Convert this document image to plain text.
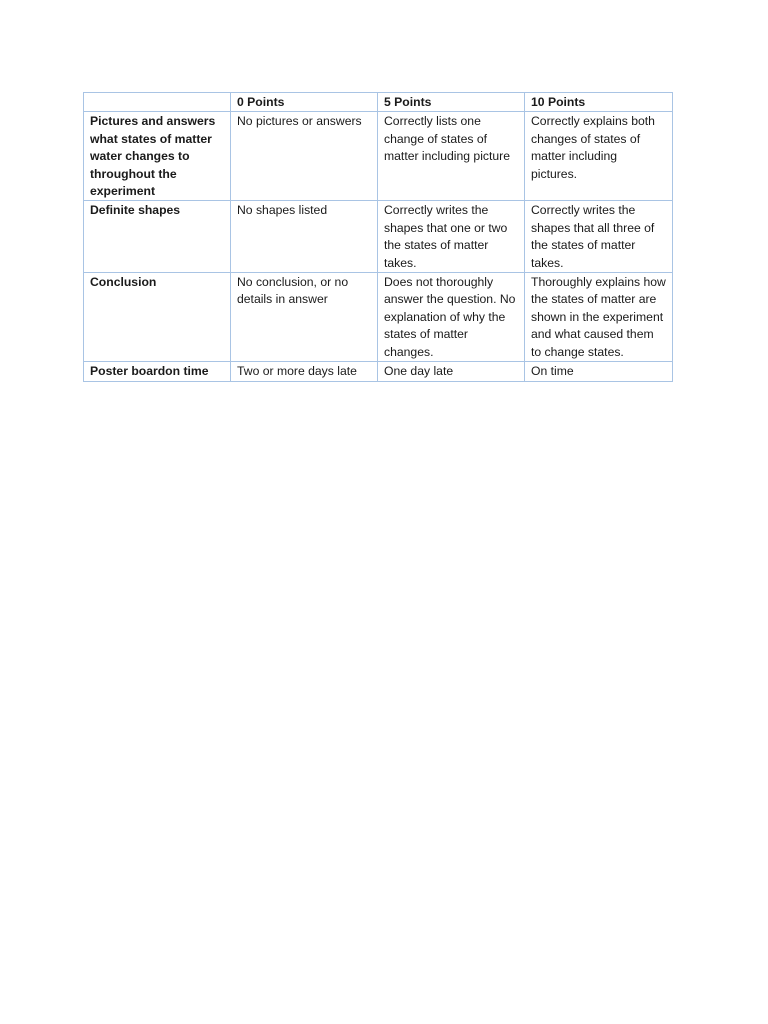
	0 Points	5 Points	10 Points
Pictures and answers what states of matter water changes to throughout the experiment	No pictures or answers	Correctly lists one change of states of matter including picture	Correctly explains both changes of states of matter including pictures.
Definite shapes	No shapes listed	Correctly writes the shapes that one or two the states of matter takes.	Correctly writes the shapes that all three of the states of matter takes.
Conclusion	No conclusion, or no details in answer	Does not thoroughly answer the question. No explanation of why the states of matter changes.	Thoroughly explains how the states of matter are shown in the experiment and what caused them to change states.
Poster boardon time	Two or more days late	One day late	On time
